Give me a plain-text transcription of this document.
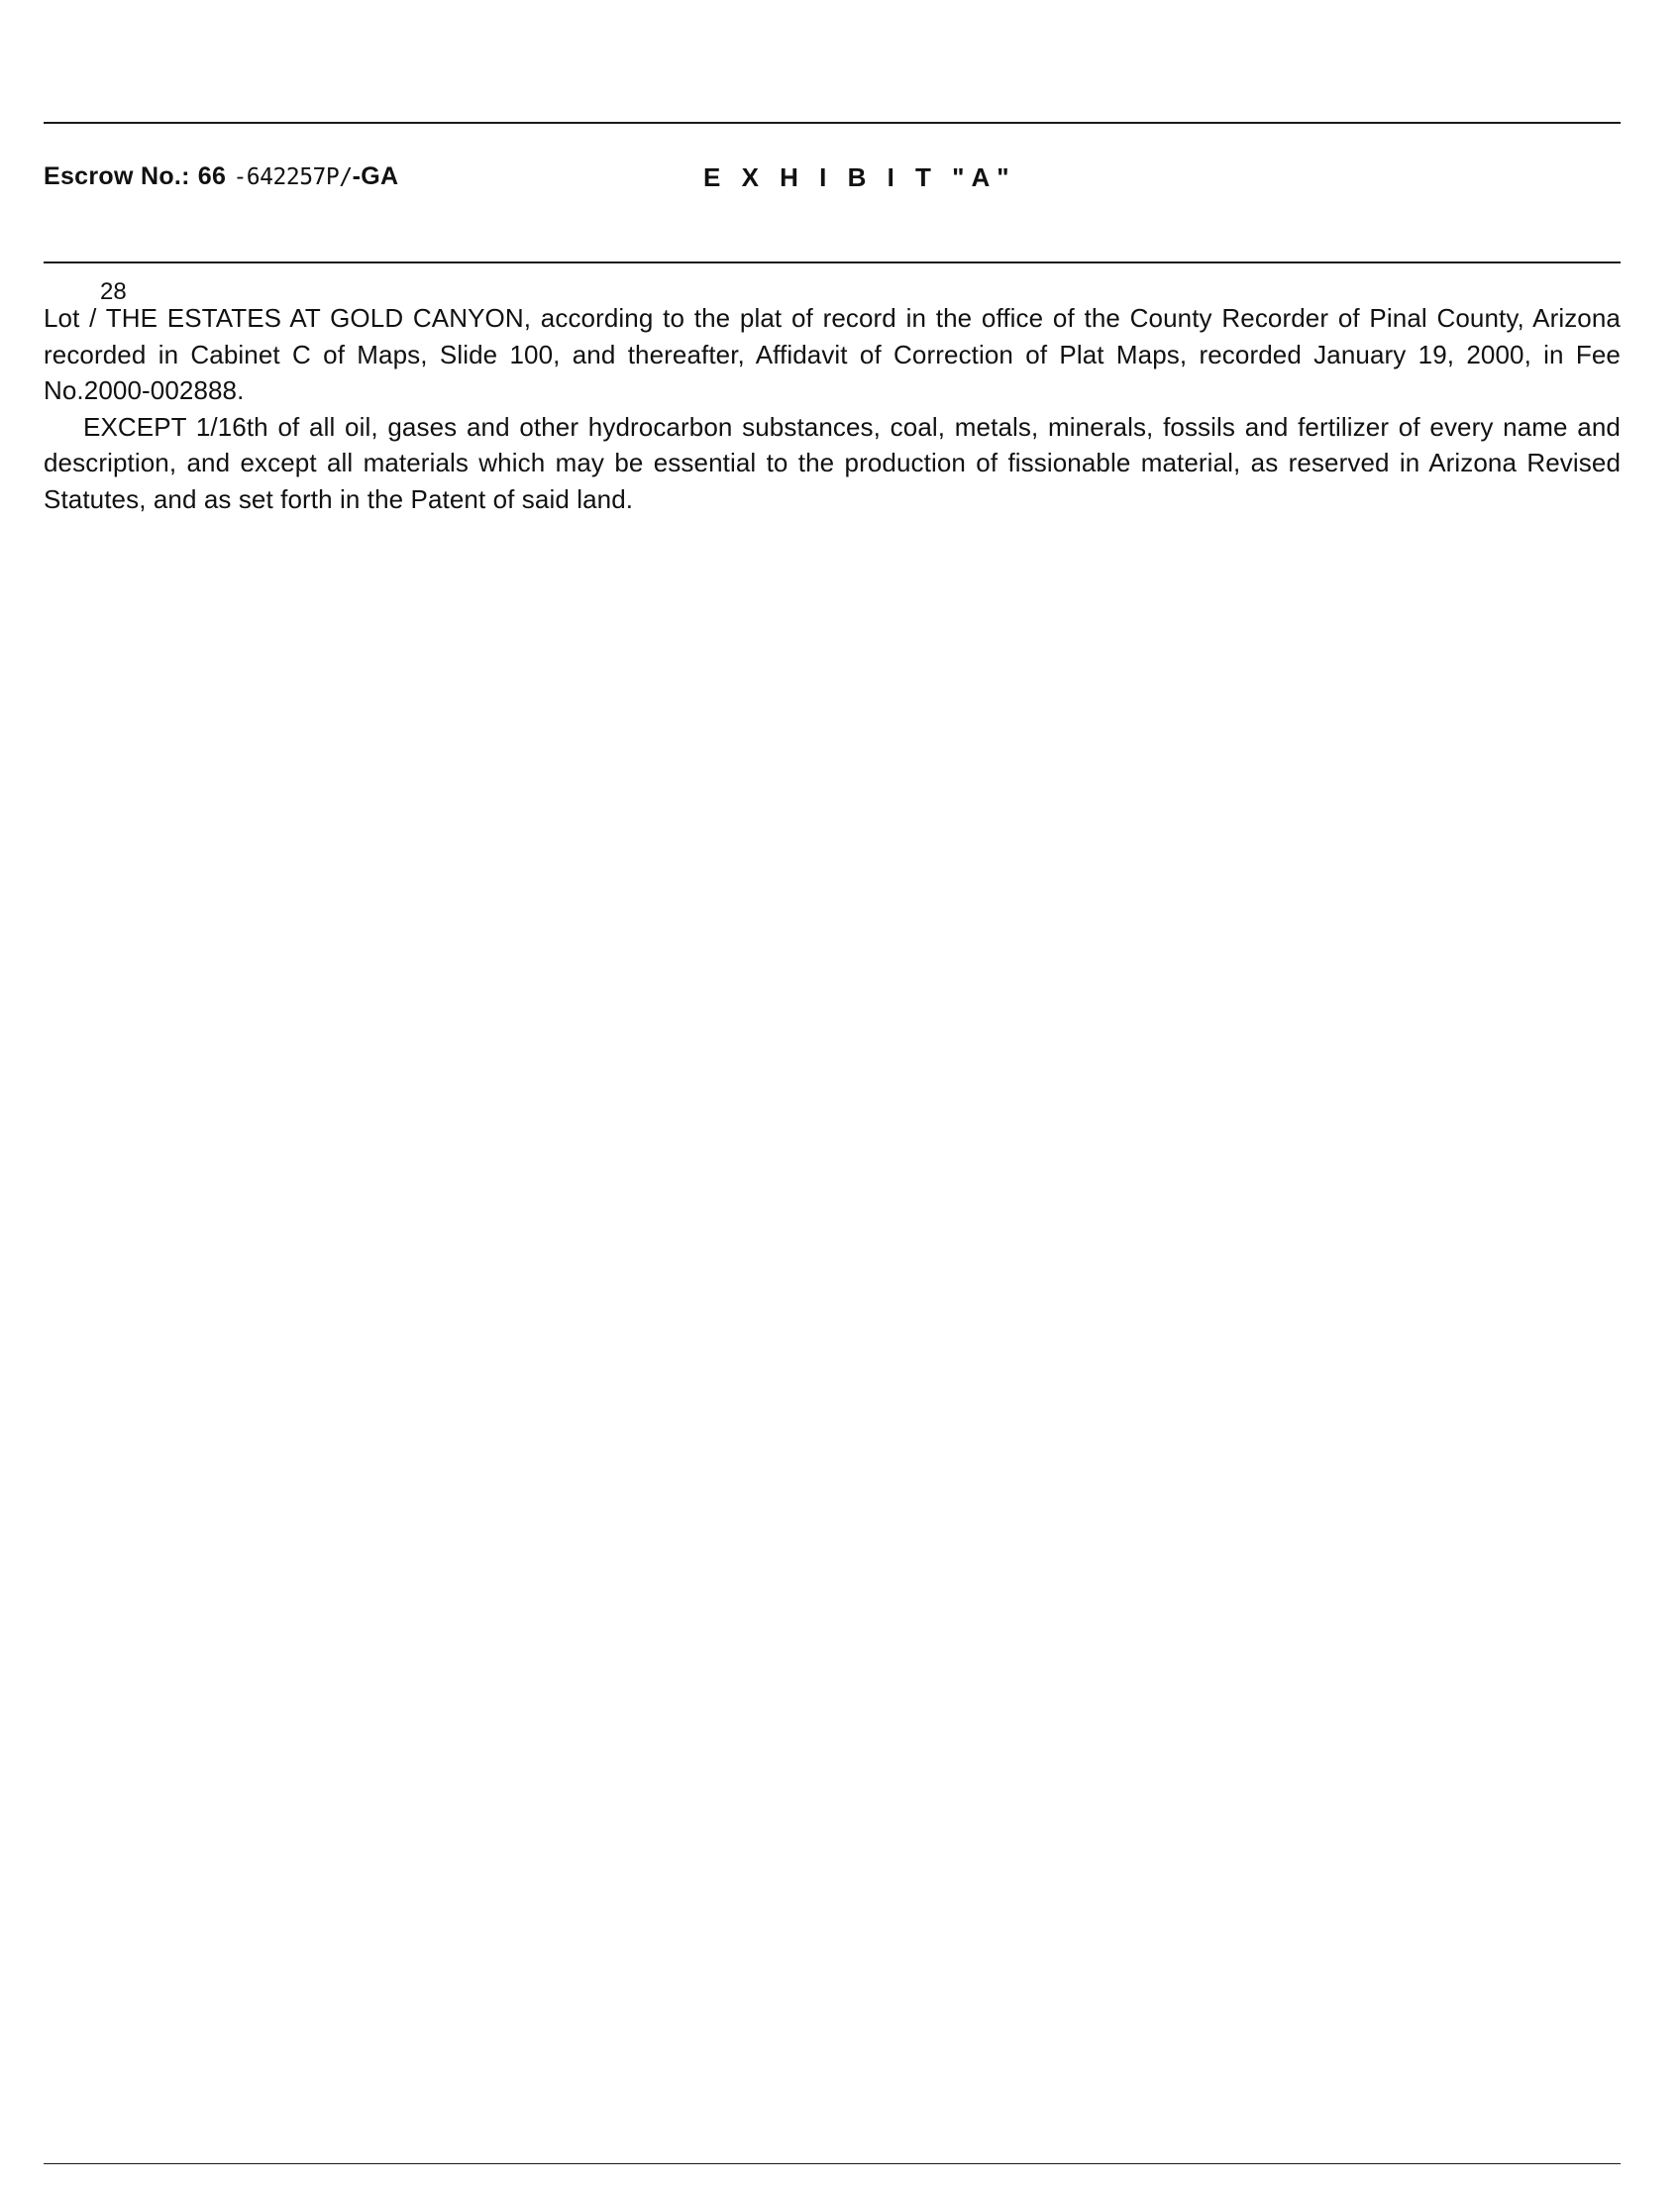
Escrow No.: 66 -642257P/-GA	E X H I B I T "A"
28

Lot / THE ESTATES AT GOLD CANYON, according to the plat of record in the office of the County Recorder of Pinal County, Arizona recorded in Cabinet C of Maps, Slide 100, and thereafter, Affidavit of Correction of Plat Maps, recorded January 19, 2000, in Fee No.2000-002888.

EXCEPT 1/16th of all oil, gases and other hydrocarbon substances, coal, metals, minerals, fossils and fertilizer of every name and description, and except all materials which may be essential to the production of fissionable material, as reserved in Arizona Revised Statutes, and as set forth in the Patent of said land.
